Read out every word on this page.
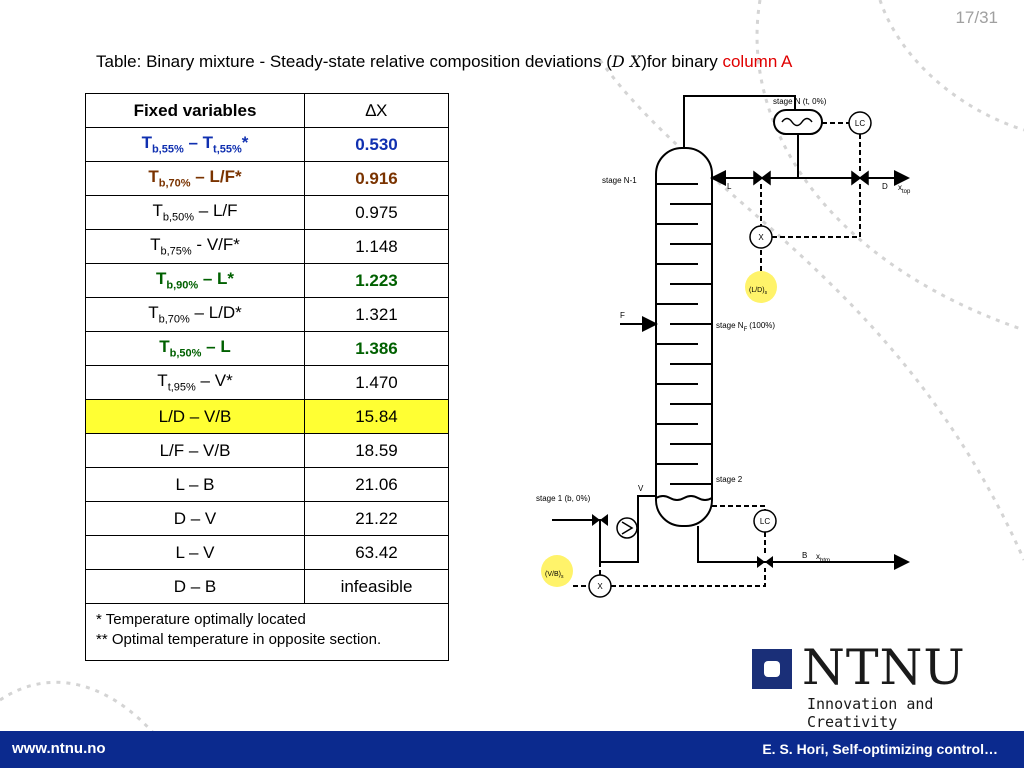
17/31
Table: Binary mixture - Steady-state relative composition deviations (D X)for binary column A
Fixed variables	∆X
$T_{b,55\%} - T_{t,55\%}*$	0.530
$T_{b,70\%} - L/F*$	0.916
$T_{b,50\%} - L/F$	0.975
$T_{b,75\%} - V/F*$	1.148
$T_{b,90\%} - L*$	1.223
$T_{b,70\%} - L/D*$	1.321
$T_{b,50\%}$ – L	1.386
$T_{t,95\%} - V*$	1.470
L/D – V/B	15.84
L/F – V/B	18.59
L – B	21.06
D – V	21.22
L – V	63.42
D – B	infeasible

* Temperature optimally located
** Optimal temperature in opposite section.	
LC
X
LC
X
stage N (t, 0%)
stage N-1
L	D $x_{top}$
F
stage $N_F$ (100%)
stage 2
stage 1 (b, 0%)
V
B $x_{btm}$
$(L/D)_s$
$(V/B)_s$
NTNU
Innovation and Creativity
www.ntnu.no	E. S. Hori, Self-optimizing control…
